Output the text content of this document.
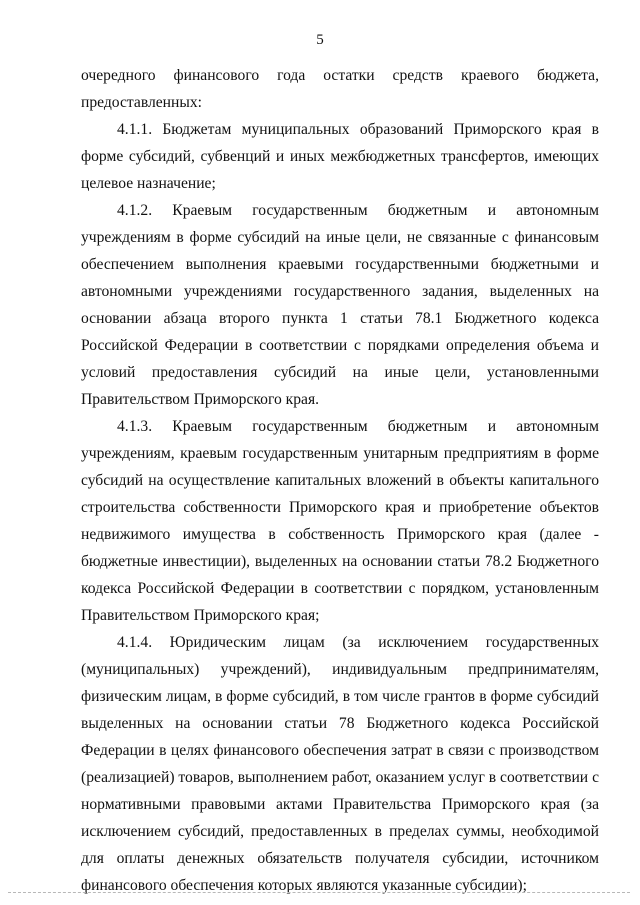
5

очередного финансового года остатки средств краевого бюджета, предоставленных:

4.1.1. Бюджетам муниципальных образований Приморского края в форме субсидий, субвенций и иных межбюджетных трансфертов, имеющих целевое назначение;

4.1.2. Краевым государственным бюджетным и автономным учреждениям в форме субсидий на иные цели, не связанные с финансовым обеспечением выполнения краевыми государственными бюджетными и автономными учреждениями государственного задания, выделенных на основании абзаца второго пункта 1 статьи 78.1 Бюджетного кодекса Российской Федерации в соответствии с порядками определения объема и условий предоставления субсидий на иные цели, установленными Правительством Приморского края.

4.1.3. Краевым государственным бюджетным и автономным учреждениям, краевым государственным унитарным предприятиям в форме субсидий на осуществление капитальных вложений в объекты капитального строительства собственности Приморского края и приобретение объектов недвижимого имущества в собственность Приморского края (далее - бюджетные инвестиции), выделенных на основании статьи 78.2 Бюджетного кодекса Российской Федерации в соответствии с порядком, установленным Правительством Приморского края;

4.1.4. Юридическим лицам (за исключением государственных (муниципальных) учреждений), индивидуальным предпринимателям, физическим лицам, в форме субсидий, в том числе грантов в форме субсидий выделенных на основании статьи 78 Бюджетного кодекса Российской Федерации в целях финансового обеспечения затрат в связи с производством (реализацией) товаров, выполнением работ, оказанием услуг в соответствии с нормативными правовыми актами Правительства Приморского края (за исключением субсидий, предоставленных в пределах суммы, необходимой для оплаты денежных обязательств получателя субсидии, источником финансового обеспечения которых являются указанные субсидии);
